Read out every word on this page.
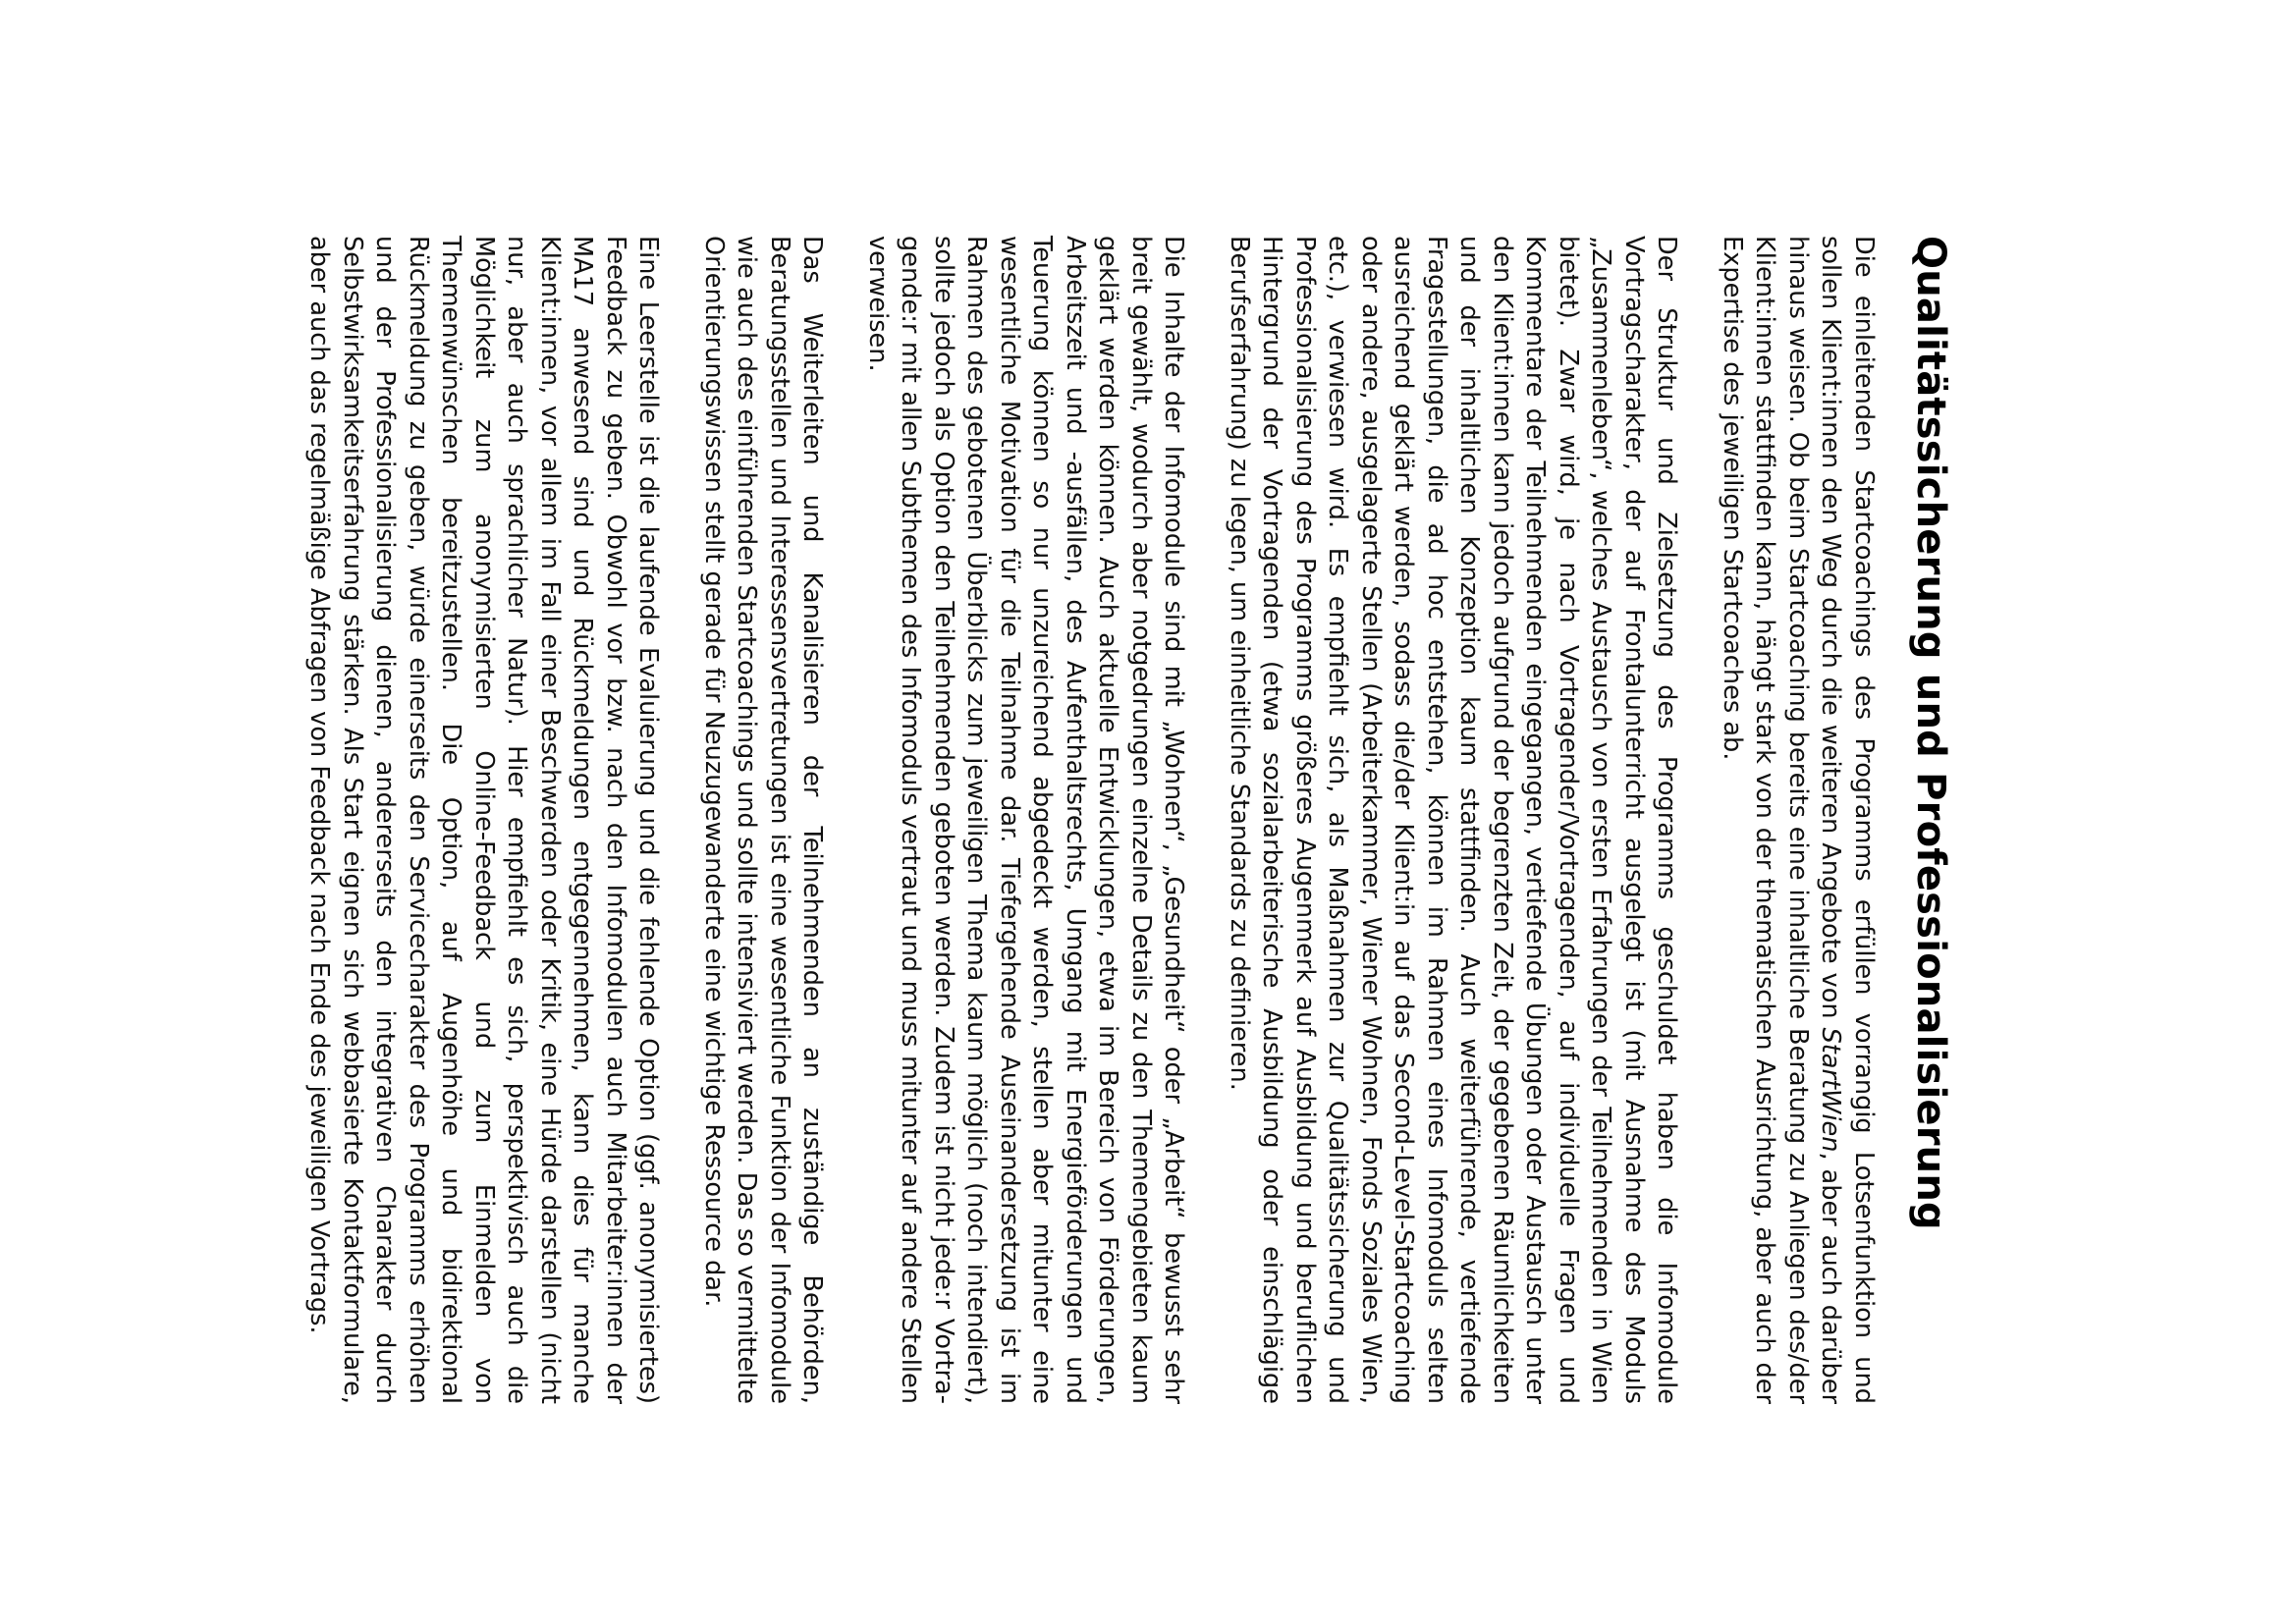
Qualitätssicherung und Professionalisierung

Die einleitenden Startcoachings des Programms erfüllen vorrangig Lotsenfunktion und sollen Klient:innen den Weg durch die weiteren Angebote von StartWien, aber auch darüber hinaus weisen. Ob beim Startcoaching bereits eine inhaltliche Beratung zu Anliegen des/der Klient:innen stattfinden kann, hängt stark von der thematischen Ausrichtung, aber auch der Expertise des jeweiligen Startcoaches ab.

Der Struktur und Zielsetzung des Programms geschuldet haben die Infomodule Vortragscharakter, der auf Frontalunterricht ausgelegt ist (mit Ausnahme des Moduls „Zusammenleben“, welches Austausch von ersten Erfahrungen der Teilnehmenden in Wien bietet). Zwar wird, je nach Vortragender/Vortragenden, auf individuelle Fragen und Kommentare der Teilnehmenden eingegangen, vertiefende Übungen oder Austausch unter den Klient:innen kann jedoch aufgrund der begrenzten Zeit, der gegebenen Räumlichkeiten und der inhaltlichen Konzeption kaum stattfinden. Auch weiterführende, vertiefende Fragestellungen, die ad hoc entstehen, können im Rahmen eines Infomoduls selten ausreichend geklärt werden, sodass die/der Klient:in auf das Second-Level-Startcoaching oder andere, ausgelagerte Stellen (Arbeiterkammer, Wiener Wohnen, Fonds Soziales Wien, etc.), verwiesen wird. Es empfiehlt sich, als Maßnahmen zur Qualitätssicherung und Professionalisierung des Programms größeres Augenmerk auf Ausbildung und beruflichen Hintergrund der Vortragenden (etwa sozialarbeiterische Ausbildung oder einschlägige Berufserfahrung) zu legen, um einheitliche Standards zu definieren.

Die Inhalte der Infomodule sind mit „Wohnen“, „Gesundheit“ oder „Arbeit“ bewusst sehr breit gewählt, wodurch aber notgedrungen einzelne Details zu den Themengebieten kaum geklärt werden können. Auch aktuelle Entwicklungen, etwa im Bereich von Förderungen, Arbeitszeit und -ausfällen, des Aufenthaltsrechts, Umgang mit Energieförderungen und Teuerung können so nur unzureichend abgedeckt werden, stellen aber mitunter eine wesentliche Motivation für die Teilnahme dar. Tiefergehende Auseinandersetzung ist im Rahmen des gebotenen Überblicks zum jeweiligen Thema kaum möglich (noch intendiert), sollte jedoch als Option den Teilnehmenden geboten werden. Zudem ist nicht jede:r Vortragende:r mit allen Subthemen des Infomoduls vertraut und muss mitunter auf andere Stellen verweisen.

Das Weiterleiten und Kanalisieren der Teilnehmenden an zuständige Behörden, Beratungsstellen und Interessensvertretungen ist eine wesentliche Funktion der Infomodule wie auch des einführenden Startcoachings und sollte intensiviert werden. Das so vermittelte Orientierungswissen stellt gerade für Neuzugewanderte eine wichtige Ressource dar.

Eine Leerstelle ist die laufende Evaluierung und die fehlende Option (ggf. anonymisiertes) Feedback zu geben. Obwohl vor bzw. nach den Infomodulen auch Mitarbeiter:innen der MA17 anwesend sind und Rückmeldungen entgegennehmen, kann dies für manche Klient:innen, vor allem im Fall einer Beschwerden oder Kritik, eine Hürde darstellen (nicht nur, aber auch sprachlicher Natur). Hier empfiehlt es sich, perspektivisch auch die Möglichkeit zum anonymisierten Online-Feedback und zum Einmelden von Themenwünschen bereitzustellen. Die Option, auf Augenhöhe und bidirektional Rückmeldung zu geben, würde einerseits den Servicecharakter des Programms erhöhen und der Professionalisierung dienen, andererseits den integrativen Charakter durch Selbstwirksamkeitserfahrung stärken. Als Start eignen sich webbasierte Kontaktformulare, aber auch das regelmäßige Abfragen von Feedback nach Ende des jeweiligen Vortrags.
